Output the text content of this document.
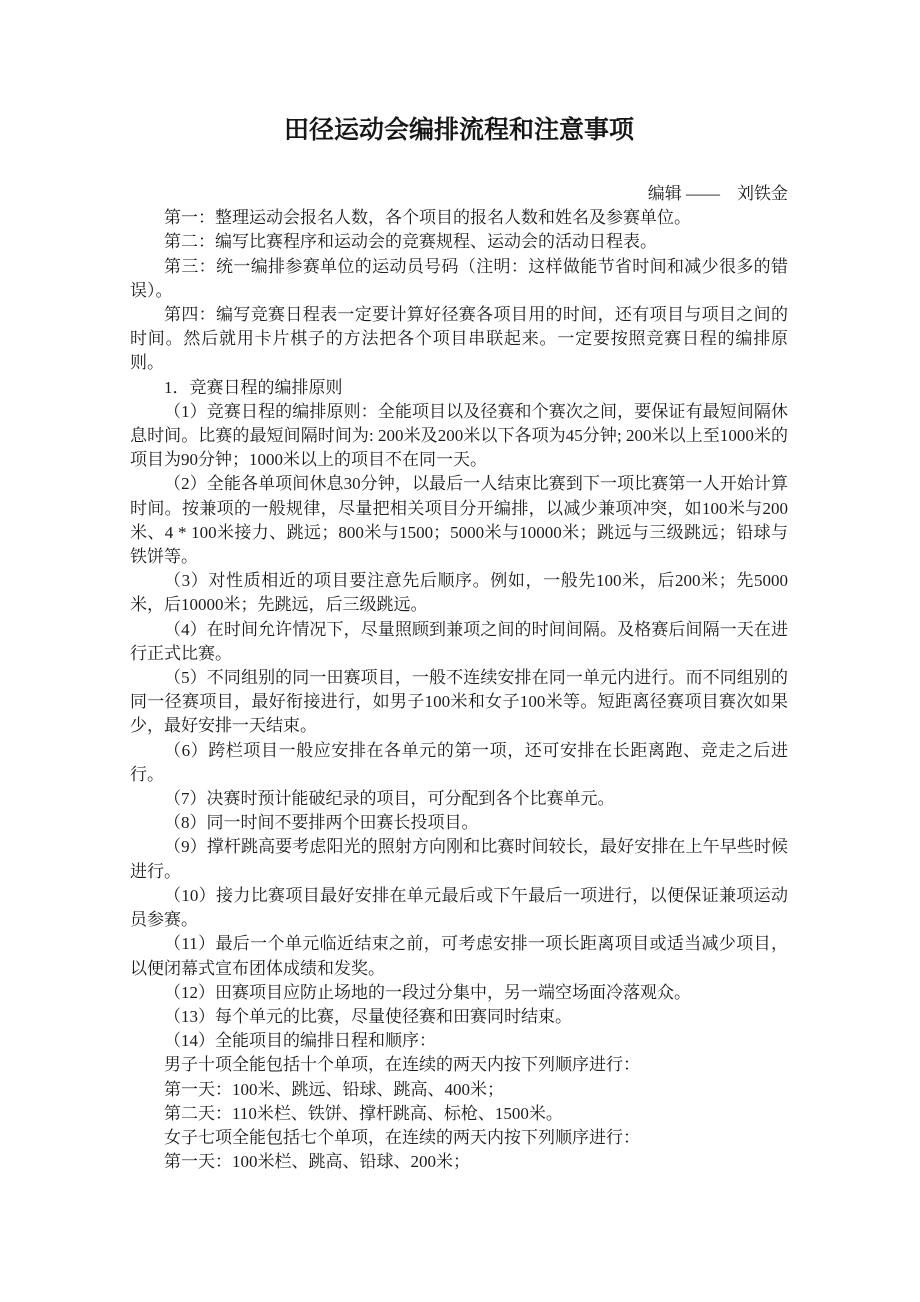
田径运动会编排流程和注意事项
编辑 ——　刘铁金

第一：整理运动会报名人数，各个项目的报名人数和姓名及参赛单位。

第二：编写比赛程序和运动会的竞赛规程、运动会的活动日程表。

第三：统一编排参赛单位的运动员号码（注明：这样做能节省时间和减少很多的错误）。

第四：编写竞赛日程表一定要计算好径赛各项目用的时间，还有项目与项目之间的时间。然后就用卡片棋子的方法把各个项目串联起来。一定要按照竞赛日程的编排原则。

1．竞赛日程的编排原则

（1）竞赛日程的编排原则：全能项目以及径赛和个赛次之间，要保证有最短间隔休息时间。比赛的最短间隔时间为: 200米及200米以下各项为45分钟; 200米以上至1000米的项目为90分钟；1000米以上的项目不在同一天。

（2）全能各单项间休息30分钟，以最后一人结束比赛到下一项比赛第一人开始计算时间。按兼项的一般规律，尽量把相关项目分开编排，以减少兼项冲突，如100米与200米、4 * 100米接力、跳远；800米与1500；5000米与10000米；跳远与三级跳远；铅球与铁饼等。

（3）对性质相近的项目要注意先后顺序。例如，一般先100米，后200米；先5000米，后10000米；先跳远，后三级跳远。

（4）在时间允许情况下，尽量照顾到兼项之间的时间间隔。及格赛后间隔一天在进行正式比赛。

（5）不同组别的同一田赛项目，一般不连续安排在同一单元内进行。而不同组别的同一径赛项目，最好衔接进行，如男子100米和女子100米等。短距离径赛项目赛次如果少，最好安排一天结束。

（6）跨栏项目一般应安排在各单元的第一项，还可安排在长距离跑、竞走之后进行。

（7）决赛时预计能破纪录的项目，可分配到各个比赛单元。

（8）同一时间不要排两个田赛长投项目。

（9）撑杆跳高要考虑阳光的照射方向刚和比赛时间较长，最好安排在上午早些时候进行。

（10）接力比赛项目最好安排在单元最后或下午最后一项进行，以便保证兼项运动员参赛。

（11）最后一个单元临近结束之前，可考虑安排一项长距离项目或适当减少项目，以便闭幕式宣布团体成绩和发奖。

（12）田赛项目应防止场地的一段过分集中，另一端空场面冷落观众。

（13）每个单元的比赛，尽量使径赛和田赛同时结束。

（14）全能项目的编排日程和顺序：

男子十项全能包括十个单项，在连续的两天内按下列顺序进行：

第一天：100米、跳远、铅球、跳高、400米；

第二天：110米栏、铁饼、撑杆跳高、标枪、1500米。

女子七项全能包括七个单项，在连续的两天内按下列顺序进行：

第一天：100米栏、跳高、铅球、200米；
